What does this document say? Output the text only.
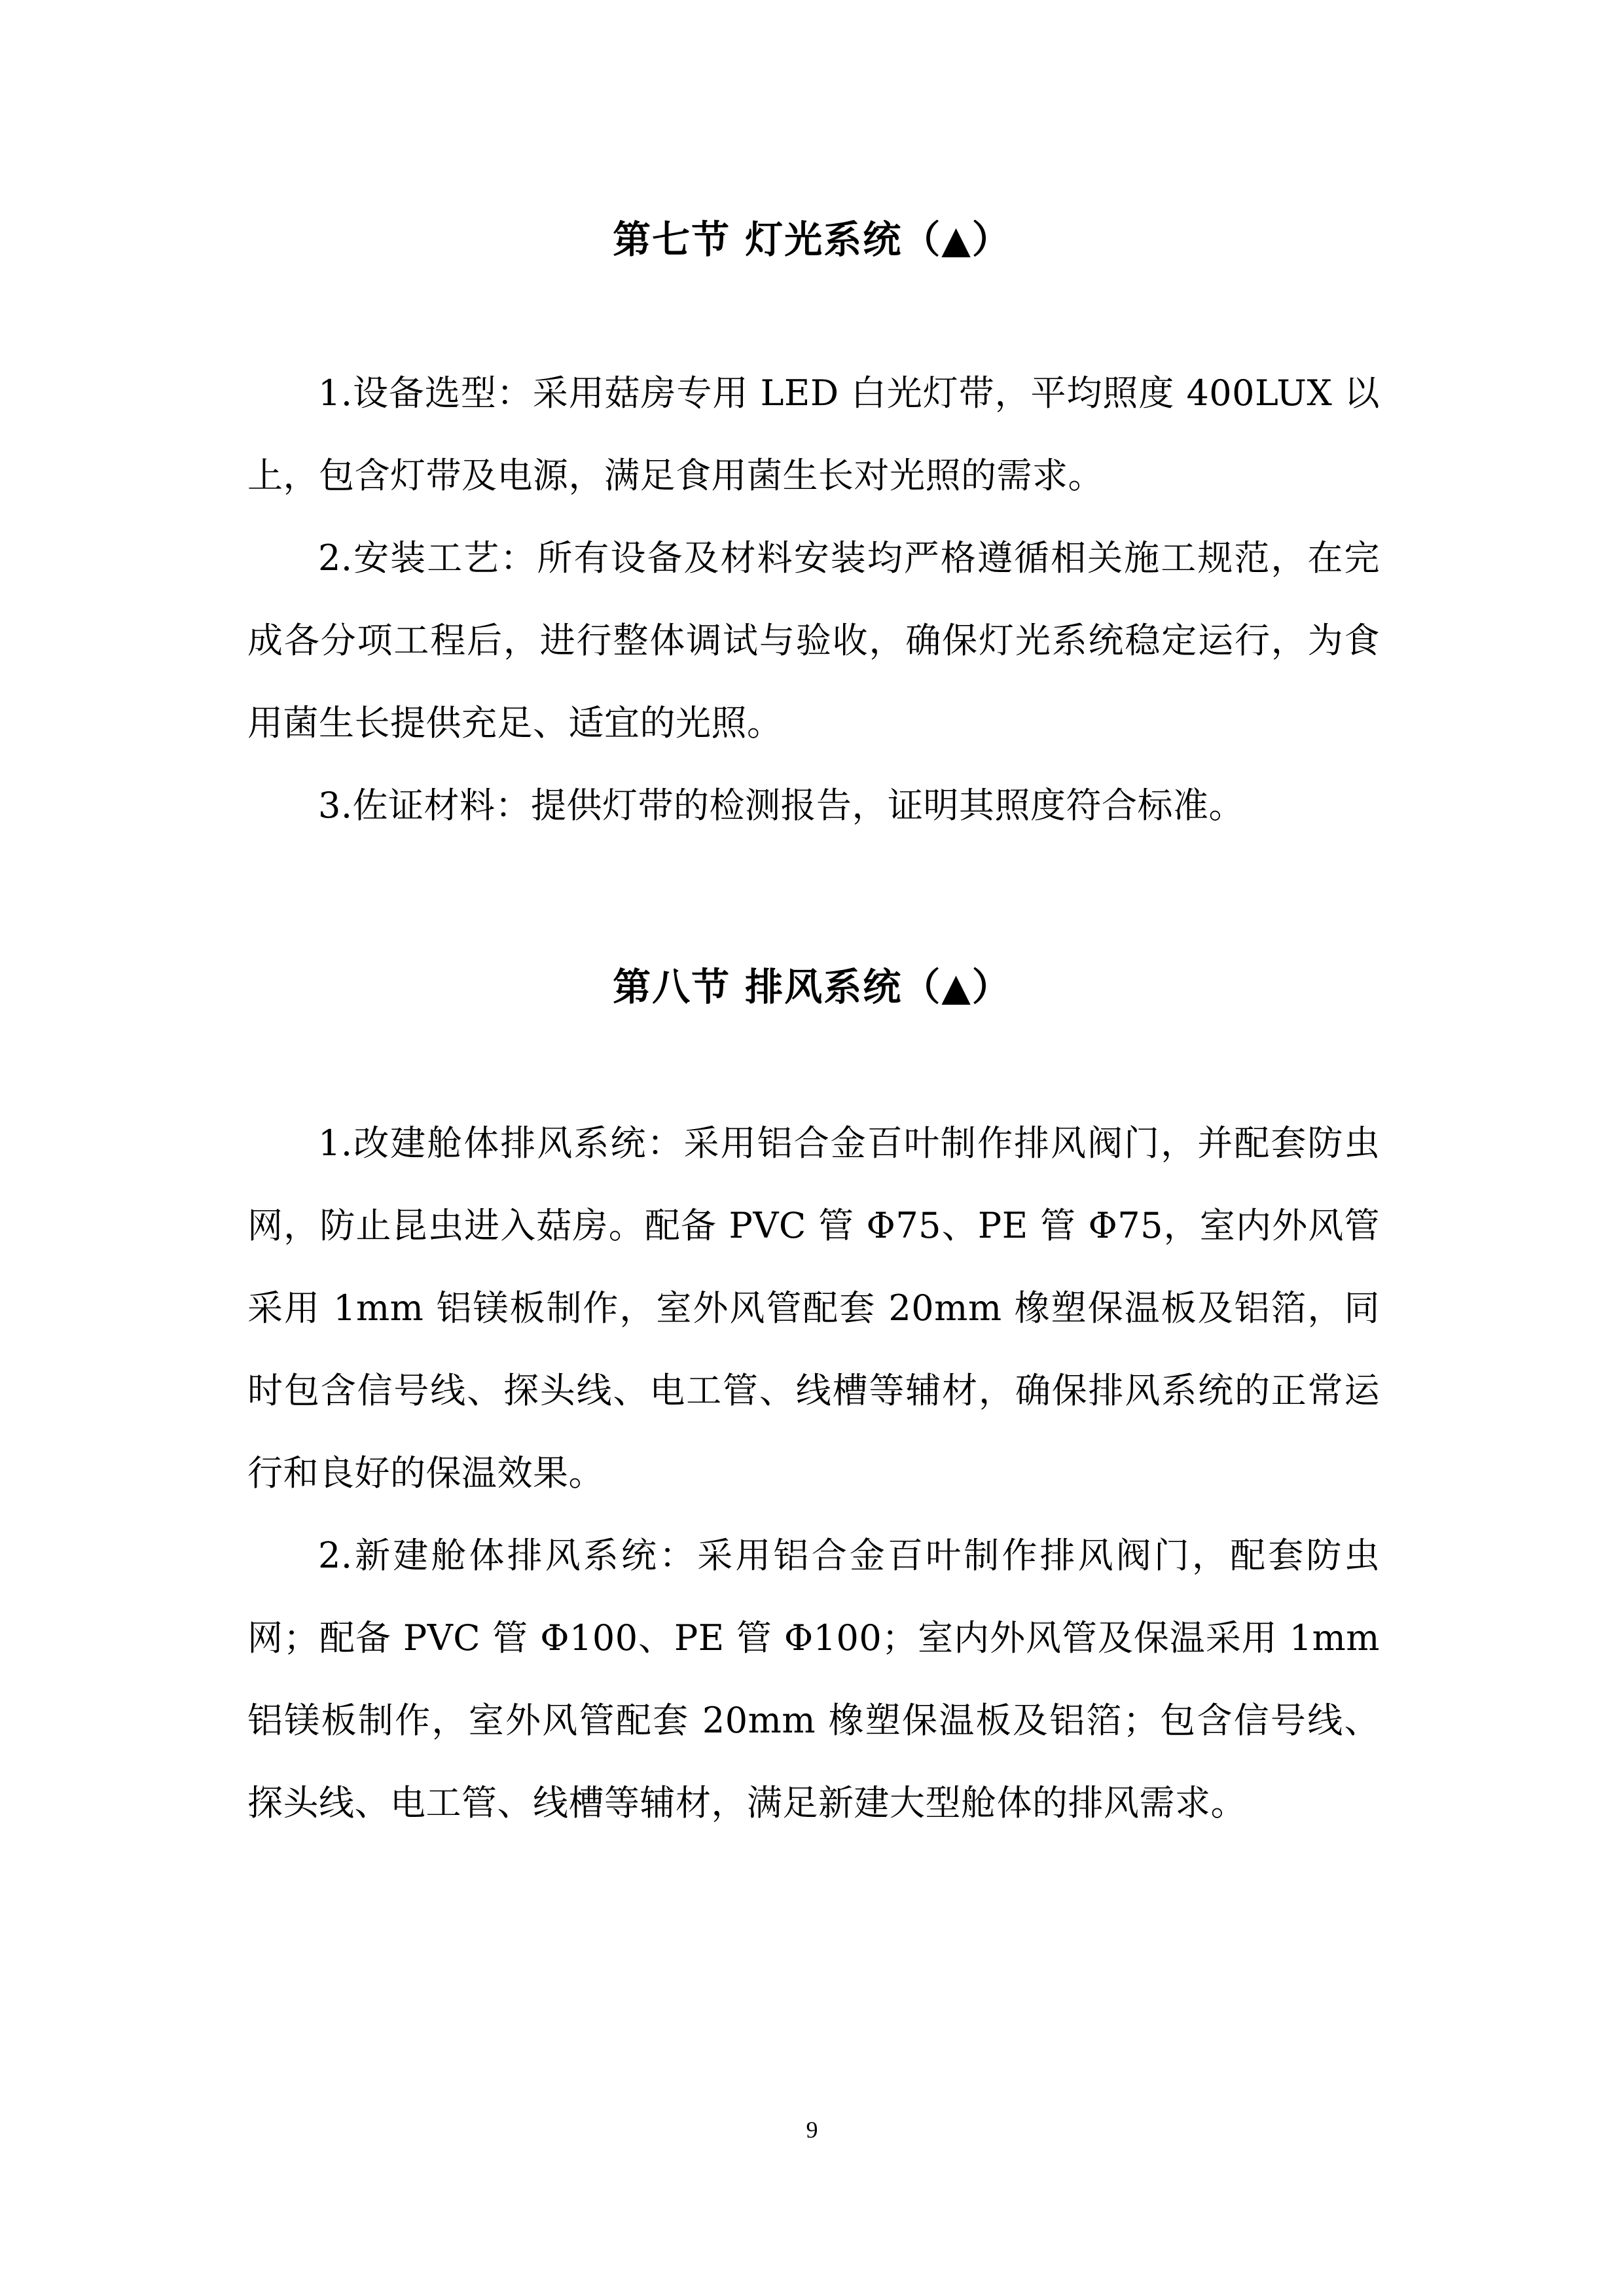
第七节 灯光系统（▲）

1.设备选型：采用菇房专用 LED 白光灯带，平均照度 400LUX 以上，包含灯带及电源，满足食用菌生长对光照的需求。

2.安装工艺：所有设备及材料安装均严格遵循相关施工规范，在完成各分项工程后，进行整体调试与验收，确保灯光系统稳定运行，为食用菌生长提供充足、适宜的光照。

3.佐证材料：提供灯带的检测报告，证明其照度符合标准。

第八节 排风系统（▲）

1.改建舱体排风系统：采用铝合金百叶制作排风阀门，并配套防虫网，防止昆虫进入菇房。配备 PVC 管 Φ75、PE 管 Φ75，室内外风管采用 1mm 铝镁板制作，室外风管配套 20mm 橡塑保温板及铝箔，同时包含信号线、探头线、电工管、线槽等辅材，确保排风系统的正常运行和良好的保温效果。

2.新建舱体排风系统：采用铝合金百叶制作排风阀门，配套防虫网；配备 PVC 管 Φ100、PE 管 Φ100；室内外风管及保温采用 1mm 铝镁板制作，室外风管配套 20mm 橡塑保温板及铝箔；包含信号线、探头线、电工管、线槽等辅材，满足新建大型舱体的排风需求。

9
